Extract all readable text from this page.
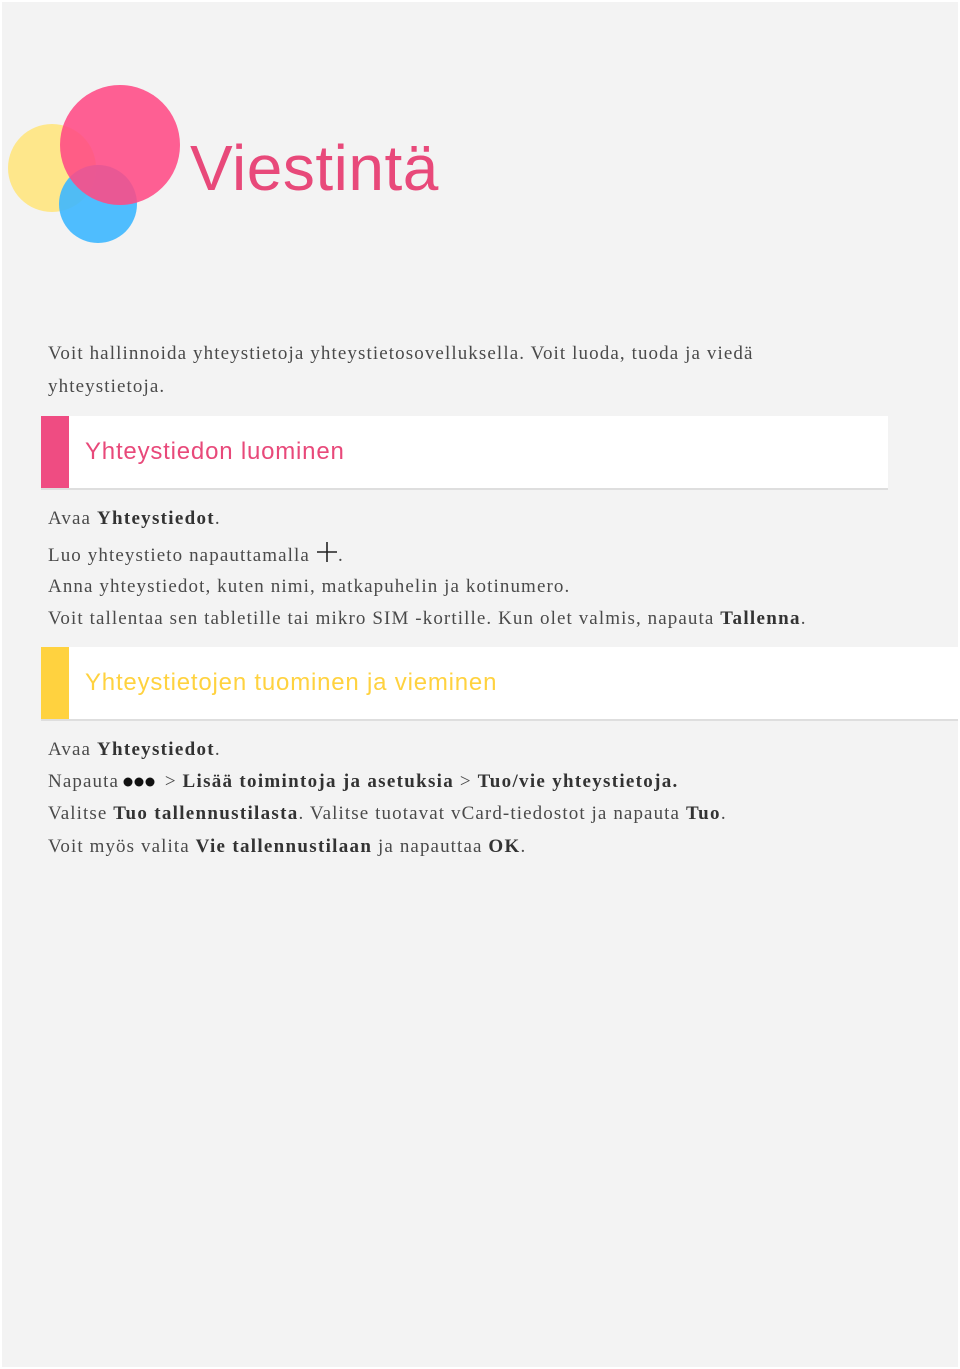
Viestintä
Voit hallinnoida yhteystietoja yhteystietosovelluksella. Voit luoda, tuoda ja viedä
yhteystietoja.
Yhteystiedon luominen
Avaa Yhteystiedot.
Luo yhteystieto napauttamalla .
Anna yhteystiedot, kuten nimi, matkapuhelin ja kotinumero.
Voit tallentaa sen tabletille tai mikro SIM -kortille. Kun olet valmis, napauta Tallenna.
Yhteystietojen tuominen ja vieminen
Avaa Yhteystiedot.
Napauta > Lisää toimintoja ja asetuksia > Tuo/vie yhteystietoja.
Valitse Tuo tallennustilasta. Valitse tuotavat vCard-tiedostot ja napauta Tuo.
Voit myös valita Vie tallennustilaan ja napauttaa OK.
